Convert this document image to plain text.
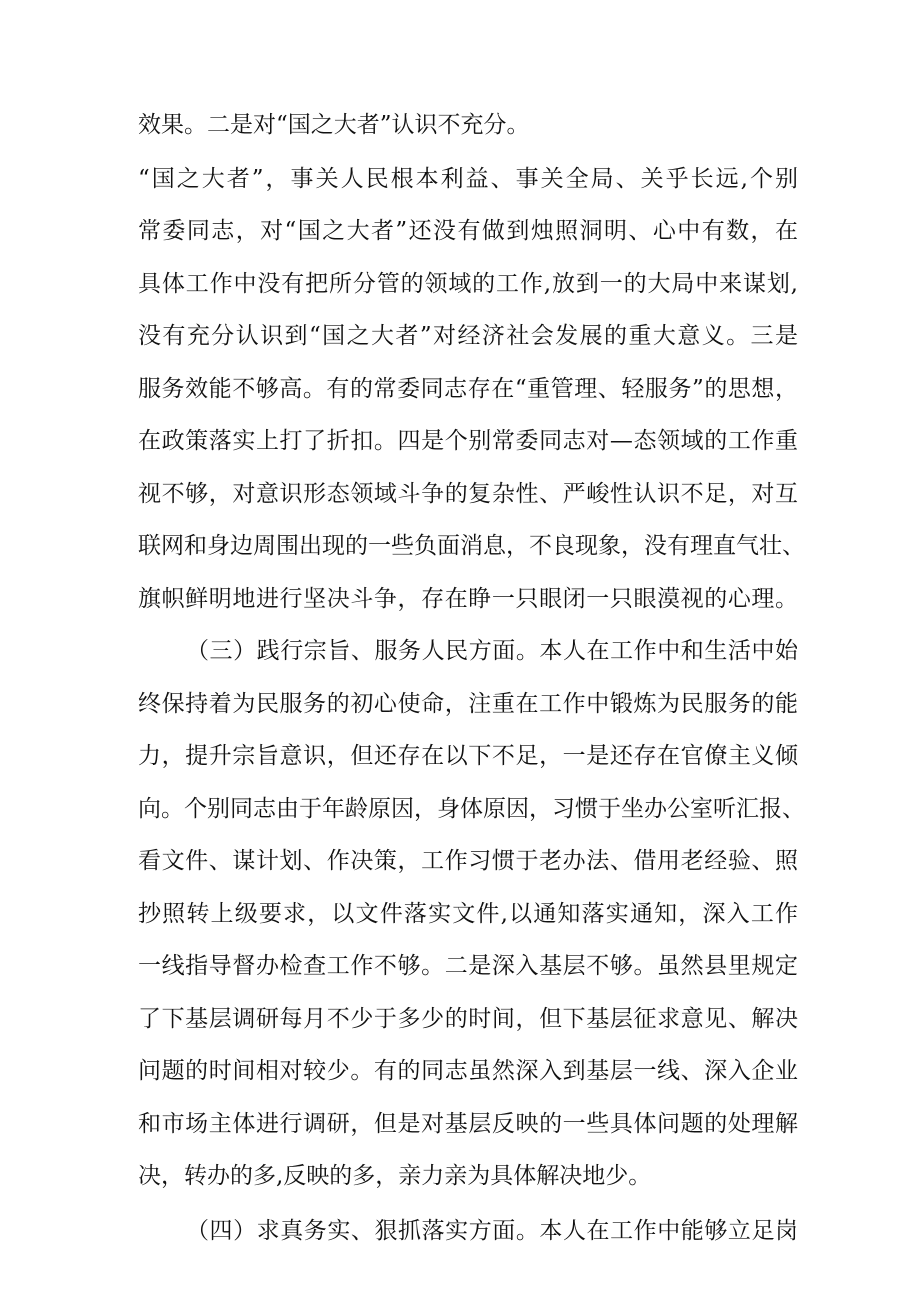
效果。二是对“国之大者”认识不充分。
“国之大者”，事关人民根本利益、事关全局、关乎长远,个别
常委同志，对“国之大者”还没有做到烛照洞明、心中有数，在
具体工作中没有把所分管的领域的工作,放到一的大局中来谋划,
没有充分认识到“国之大者”对经济社会发展的重大意义。三是
服务效能不够高。有的常委同志存在“重管理、轻服务”的思想，
在政策落实上打了折扣。四是个别常委同志对—态领域的工作重
视不够，对意识形态领域斗争的复杂性、严峻性认识不足，对互
联网和身边周围出现的一些负面消息，不良现象，没有理直气壮、
旗帜鲜明地进行坚决斗争，存在睁一只眼闭一只眼漠视的心理。
（三）践行宗旨、服务人民方面。本人在工作中和生活中始
终保持着为民服务的初心使命，注重在工作中锻炼为民服务的能
力，提升宗旨意识，但还存在以下不足，一是还存在官僚主义倾
向。个别同志由于年龄原因，身体原因，习惯于坐办公室听汇报、
看文件、谋计划、作决策，工作习惯于老办法、借用老经验、照
抄照转上级要求，以文件落实文件,以通知落实通知，深入工作
一线指导督办检查工作不够。二是深入基层不够。虽然县里规定
了下基层调研每月不少于多少的时间，但下基层征求意见、解决
问题的时间相对较少。有的同志虽然深入到基层一线、深入企业
和市场主体进行调研，但是对基层反映的一些具体问题的处理解
决，转办的多,反映的多，亲力亲为具体解决地少。
（四）求真务实、狠抓落实方面。本人在工作中能够立足岗
